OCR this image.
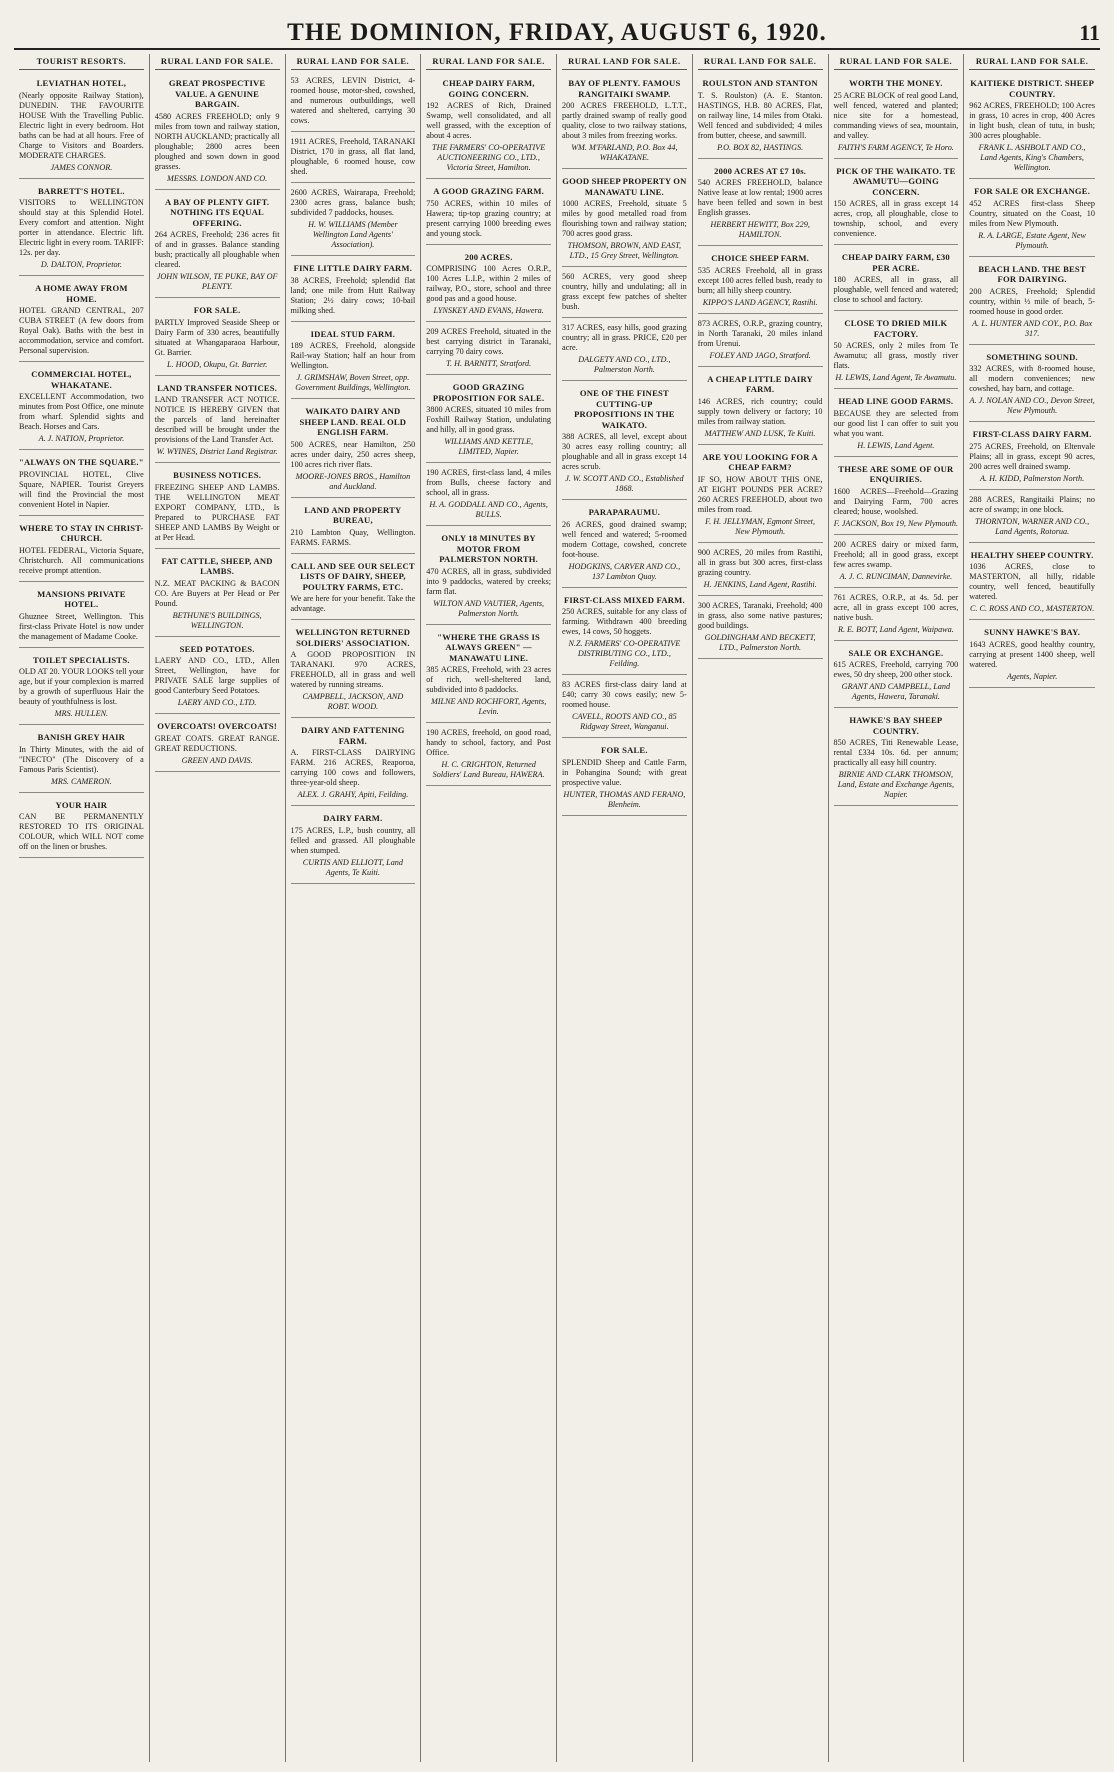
THE DOMINION, FRIDAY, AUGUST 6, 1920.	11
TOURIST RESORTS.
LEVIATHAN HOTEL,
(Nearly opposite Railway Station), DUNEDIN. THE FAVOURITE HOUSE With the Travelling Public. Electric light in every bedroom. Hot baths can be had at all hours. Free of Charge to Visitors and Boarders. MODERATE CHARGES.
JAMES CONNOR.
BARRETT'S HOTEL.
VISITORS to WELLINGTON should stay at this Splendid Hotel. Every comfort and attention. Night porter in attendance. Electric lift. Electric light in every room. TARIFF: 12s. per day.
D. DALTON, Proprietor.
A HOME AWAY FROM HOME.
HOTEL GRAND CENTRAL, 207 CUBA STREET (A few doors from Royal Oak). Baths with the best in accommodation, service and comfort. Personal supervision.
COMMERCIAL HOTEL, WHAKATANE.
EXCELLENT Accommodation, two minutes from Post Office, one minute from wharf. Splendid sights and Beach. Horses and Cars.
A. J. NATION, Proprietor.
"ALWAYS ON THE SQUARE."
PROVINCIAL HOTEL, Clive Square, NAPIER. Tourist Greyers will find the Provincial the most convenient Hotel in Napier.
WHERE TO STAY IN CHRIST-CHURCH.
HOTEL FEDERAL, Victoria Square, Christchurch. All communications receive prompt attention.
MANSIONS PRIVATE HOTEL.
Ghuznee Street, Wellington. This first-class Private Hotel is now under the management of Madame Cooke.
TOILET SPECIALISTS.
OLD AT 20. YOUR LOOKS tell your age, but if your complexion is marred by a growth of superfluous Hair the beauty of youthfulness is lost.
MRS. HULLEN.
BANISH GREY HAIR
In Thirty Minutes, with the aid of "INECTO" (The Discovery of a Famous Paris Scientist).
MRS. CAMERON.
YOUR HAIR
CAN BE PERMANENTLY RESTORED TO ITS ORIGINAL COLOUR, which WILL NOT come off on the linen or brushes.
RURAL LAND FOR SALE.
GREAT PROSPECTIVE VALUE. A GENUINE BARGAIN.
4580 ACRES FREEHOLD; only 9 miles from town and railway station, NORTH AUCKLAND; practically all ploughable; 2800 acres been ploughed and sown down in good grasses.
MESSRS. LONDON AND CO.
A BAY OF PLENTY GIFT. NOTHING ITS EQUAL OFFERING.
264 ACRES, Freehold; 236 acres fit of and in grasses. Balance standing bush; practically all ploughable when cleared.
JOHN WILSON, TE PUKE, BAY OF PLENTY.
FOR SALE.
PARTLY Improved Seaside Sheep or Dairy Farm of 330 acres, beautifully situated at Whangaparaoa Harbour, Gt. Barrier.
L. HOOD, Okupu, Gt. Barrier.
LAND TRANSFER NOTICES.
LAND TRANSFER ACT NOTICE. NOTICE IS HEREBY GIVEN that the parcels of land hereinafter described will be brought under the provisions of the Land Transfer Act.
W. WYINES, District Land Registrar.
BUSINESS NOTICES.
FREEZING SHEEP AND LAMBS. THE WELLINGTON MEAT EXPORT COMPANY, LTD., Is Prepared to PURCHASE FAT SHEEP AND LAMBS By Weight or at Per Head.
FAT CATTLE, SHEEP, AND LAMBS.
N.Z. MEAT PACKING & BACON CO. Are Buyers at Per Head or Per Pound.
BETHUNE'S BUILDINGS, WELLINGTON.
SEED POTATOES.
LAERY AND CO., LTD., Allen Street, Wellington, have for PRIVATE SALE large supplies of good Canterbury Seed Potatoes.
LAERY AND CO., LTD.
OVERCOATS! OVERCOATS!
GREAT COATS. GREAT RANGE. GREAT REDUCTIONS.
GREEN AND DAVIS.
RURAL LAND FOR SALE.
53 ACRES, LEVIN District, 4-roomed house, motor-shed, cowshed, and numerous outbuildings, well watered and sheltered, carrying 30 cows.
1911 ACRES, Freehold, TARANAKI District, 170 in grass, all flat land, ploughable, 6 roomed house, cow shed.
2600 ACRES, Wairarapa, Freehold; 2300 acres grass, balance bush; subdivided 7 paddocks, houses.
H. W. WILLIAMS (Member Wellington Land Agents' Association).
FINE LITTLE DAIRY FARM.
38 ACRES, Freehold; splendid flat land; one mile from Hutt Railway Station; 2½ dairy cows; 10-bail milking shed.
IDEAL STUD FARM.
189 ACRES, Freehold, alongside Rail-way Station; half an hour from Wellington.
J. GRIMSHAW, Boven Street, opp. Government Buildings, Wellington.
WAIKATO DAIRY AND SHEEP LAND. REAL OLD ENGLISH FARM.
500 ACRES, near Hamilton, 250 acres under dairy, 250 acres sheep, 100 acres rich river flats.
MOORE-JONES BROS., Hamilton and Auckland.
LAND AND PROPERTY BUREAU,
210 Lambton Quay, Wellington. FARMS. FARMS.
CALL AND SEE OUR SELECT LISTS OF DAIRY, SHEEP, POULTRY FARMS, ETC.
We are here for your benefit. Take the advantage.
WELLINGTON RETURNED SOLDIERS' ASSOCIATION.
A GOOD PROPOSITION IN TARANAKI. 970 ACRES, FREEHOLD, all in grass and well watered by running streams.
CAMPBELL, JACKSON, AND ROBT. WOOD.
DAIRY AND FATTENING FARM.
A. FIRST-CLASS DAIRYING FARM. 216 ACRES, Reaporoa, carrying 100 cows and followers, three-year-old sheep.
ALEX. J. GRAHY, Apiti, Feilding.
DAIRY FARM.
175 ACRES, L.P., bush country, all felled and grassed. All ploughable when stumped.
CURTIS AND ELLIOTT, Land Agents, Te Kuiti.
RURAL LAND FOR SALE.
CHEAP DAIRY FARM, GOING CONCERN.
192 ACRES of Rich, Drained Swamp, well consolidated, and all well grassed, with the exception of about 4 acres.
THE FARMERS' CO-OPERATIVE AUCTIONEERING CO., LTD., Victoria Street, Hamilton.
A GOOD GRAZING FARM.
750 ACRES, within 10 miles of Hawera; tip-top grazing country; at present carrying 1000 breeding ewes and young stock.
200 ACRES.
COMPRISING 100 Acres O.R.P., 100 Acres L.I.P., within 2 miles of railway, P.O., store, school and three good pas and a good house.
LYNSKEY AND EVANS, Hawera.
209 ACRES Freehold, situated in the best carrying district in Taranaki, carrying 70 dairy cows.
T. H. BARNITT, Stratford.
GOOD GRAZING PROPOSITION FOR SALE.
3800 ACRES, situated 10 miles from Foxhill Railway Station, undulating and hilly, all in good grass.
WILLIAMS AND KETTLE, LIMITED, Napier.
190 ACRES, first-class land, 4 miles from Bulls, cheese factory and school, all in grass.
H. A. GODDALL AND CO., Agents, BULLS.
ONLY 18 MINUTES BY MOTOR FROM PALMERSTON NORTH.
470 ACRES, all in grass, subdivided into 9 paddocks, watered by creeks; farm flat.
WILTON AND VAUTIER, Agents, Palmerston North.
"WHERE THE GRASS IS ALWAYS GREEN" — MANAWATU LINE.
385 ACRES, Freehold, with 23 acres of rich, well-sheltered land, subdivided into 8 paddocks.
MILNE AND ROCHFORT, Agents, Levin.
190 ACRES, freehold, on good road, handy to school, factory, and Post Office.
H. C. CRIGHTON, Returned Soldiers' Land Bureau, HAWERA.
RURAL LAND FOR SALE.
BAY OF PLENTY. FAMOUS RANGITAIKI SWAMP.
200 ACRES FREEHOLD, L.T.T., partly drained swamp of really good quality, close to two railway stations, about 3 miles from freezing works.
WM. M'FARLAND, P.O. Box 44, WHAKATANE.
GOOD SHEEP PROPERTY ON MANAWATU LINE.
1000 ACRES, Freehold, situate 5 miles by good metalled road from flourishing town and railway station; 700 acres good grass.
THOMSON, BROWN, AND EAST, LTD., 15 Grey Street, Wellington.
560 ACRES, very good sheep country, hilly and undulating; all in grass except few patches of shelter bush.
317 ACRES, easy hills, good grazing country; all in grass. PRICE, £20 per acre.
DALGETY AND CO., LTD., Palmerston North.
ONE OF THE FINEST CUTTING-UP PROPOSITIONS IN THE WAIKATO.
388 ACRES, all level, except about 30 acres easy rolling country; all ploughable and all in grass except 14 acres scrub.
J. W. SCOTT AND CO., Established 1868.
PARAPARAUMU.
26 ACRES, good drained swamp; well fenced and watered; 5-roomed modern Cottage, cowshed, concrete foot-house.
HODGKINS, CARVER AND CO., 137 Lambton Quay.
FIRST-CLASS MIXED FARM.
250 ACRES, suitable for any class of farming. Withdrawn 400 breeding ewes, 14 cows, 50 hoggets.
N.Z. FARMERS' CO-OPERATIVE DISTRIBUTING CO., LTD., Feilding.
83 ACRES first-class dairy land at £40; carry 30 cows easily; new 5-roomed house.
CAVELL, ROOTS AND CO., 85 Ridgway Street, Wanganui.
FOR SALE.
SPLENDID Sheep and Cattle Farm, in Pohangina Sound; with great prospective value.
HUNTER, THOMAS AND FERANO, Blenheim.
RURAL LAND FOR SALE.
ROULSTON AND STANTON
T. S. Roulston) (A. E. Stanton. HASTINGS, H.B. 80 ACRES, Flat, on railway line, 14 miles from Otaki. Well fenced and subdivided; 4 miles from butter, cheese, and sawmill.
P.O. BOX 82, HASTINGS.
2000 ACRES AT £7 10s.
540 ACRES FREEHOLD, balance Native lease at low rental; 1900 acres have been felled and sown in best English grasses.
HERBERT HEWITT, Box 229, HAMILTON.
CHOICE SHEEP FARM.
535 ACRES Freehold, all in grass except 100 acres felled bush, ready to burn; all hilly sheep country.
KIPPO'S LAND AGENCY, Rastihi.
873 ACRES, O.R.P., grazing country, in North Taranaki, 20 miles inland from Urenui.
FOLEY AND JAGO, Stratford.
A CHEAP LITTLE DAIRY FARM.
146 ACRES, rich country; could supply town delivery or factory; 10 miles from railway station.
MATTHEW AND LUSK, Te Kuiti.
ARE YOU LOOKING FOR A CHEAP FARM?
IF SO, HOW ABOUT THIS ONE, AT EIGHT POUNDS PER ACRE? 260 ACRES FREEHOLD, about two miles from road.
F. H. JELLYMAN, Egmont Street, New Plymouth.
900 ACRES, 20 miles from Rastihi, all in grass but 300 acres, first-class grazing country.
H. JENKINS, Land Agent, Rastihi.
300 ACRES, Taranaki, Freehold; 400 in grass, also some native pastures; good buildings.
GOLDINGHAM AND BECKETT, LTD., Palmerston North.
RURAL LAND FOR SALE.
WORTH THE MONEY.
25 ACRE BLOCK of real good Land, well fenced, watered and planted; nice site for a homestead, commanding views of sea, mountain, and valley.
FAITH'S FARM AGENCY, Te Horo.
PICK OF THE WAIKATO. TE AWAMUTU—GOING CONCERN.
150 ACRES, all in grass except 14 acres, crop, all ploughable, close to township, school, and every convenience.
CHEAP DAIRY FARM, £30 PER ACRE.
180 ACRES, all in grass, all ploughable, well fenced and watered; close to school and factory.
CLOSE TO DRIED MILK FACTORY.
50 ACRES, only 2 miles from Te Awamutu; all grass, mostly river flats.
H. LEWIS, Land Agent, Te Awamutu.
HEAD LINE GOOD FARMS.
BECAUSE they are selected from our good list I can offer to suit you what you want.
H. LEWIS, Land Agent.
THESE ARE SOME OF OUR ENQUIRIES.
1600 ACRES—Freehold—Grazing and Dairying Farm, 700 acres cleared; house, woolshed.
F. JACKSON, Box 19, New Plymouth.
200 ACRES dairy or mixed farm, Freehold; all in good grass, except few acres swamp.
A. J. C. RUNCIMAN, Dannevirke.
761 ACRES, O.R.P., at 4s. 5d. per acre, all in grass except 100 acres, native bush.
R. E. BOTT, Land Agent, Waipawa.
SALE OR EXCHANGE.
615 ACRES, Freehold, carrying 700 ewes, 50 dry sheep, 200 other stock.
GRANT AND CAMPBELL, Land Agents, Hawera, Taranaki.
HAWKE'S BAY SHEEP COUNTRY.
850 ACRES, Titi Renewable Lease, rental £334 10s. 6d. per annum; practically all easy hill country.
BIRNIE AND CLARK THOMSON, Land, Estate and Exchange Agents, Napier.
RURAL LAND FOR SALE.
KAITIEKE DISTRICT. SHEEP COUNTRY.
962 ACRES, FREEHOLD; 100 Acres in grass, 10 acres in crop, 400 Acres in light bush, clean of tutu, in bush; 300 acres ploughable.
FRANK L. ASHBOLT AND CO., Land Agents, King's Chambers, Wellington.
FOR SALE OR EXCHANGE.
452 ACRES first-class Sheep Country, situated on the Coast, 10 miles from New Plymouth.
R. A. LARGE, Estate Agent, New Plymouth.
BEACH LAND. THE BEST FOR DAIRYING.
200 ACRES, Freehold; Splendid country, within ½ mile of beach, 5-roomed house in good order.
A. L. HUNTER AND COY., P.O. Box 317.
SOMETHING SOUND.
332 ACRES, with 8-roomed house, all modern conveniences; new cowshed, hay barn, and cottage.
A. J. NOLAN AND CO., Devon Street, New Plymouth.
FIRST-CLASS DAIRY FARM.
275 ACRES, Freehold, on Eltenvale Plains; all in grass, except 90 acres, 200 acres well drained swamp.
A. H. KIDD, Palmerston North.
288 ACRES, Rangitaiki Plains; no acre of swamp; in one block.
THORNTON, WARNER AND CO., Land Agents, Rotorua.
HEALTHY SHEEP COUNTRY.
1036 ACRES, close to MASTERTON, all hilly, ridable country, well fenced, beautifully watered.
C. C. ROSS AND CO., MASTERTON.
SUNNY HAWKE'S BAY.
1643 ACRES, good healthy country, carrying at present 1400 sheep, well watered.
Agents, Napier.
